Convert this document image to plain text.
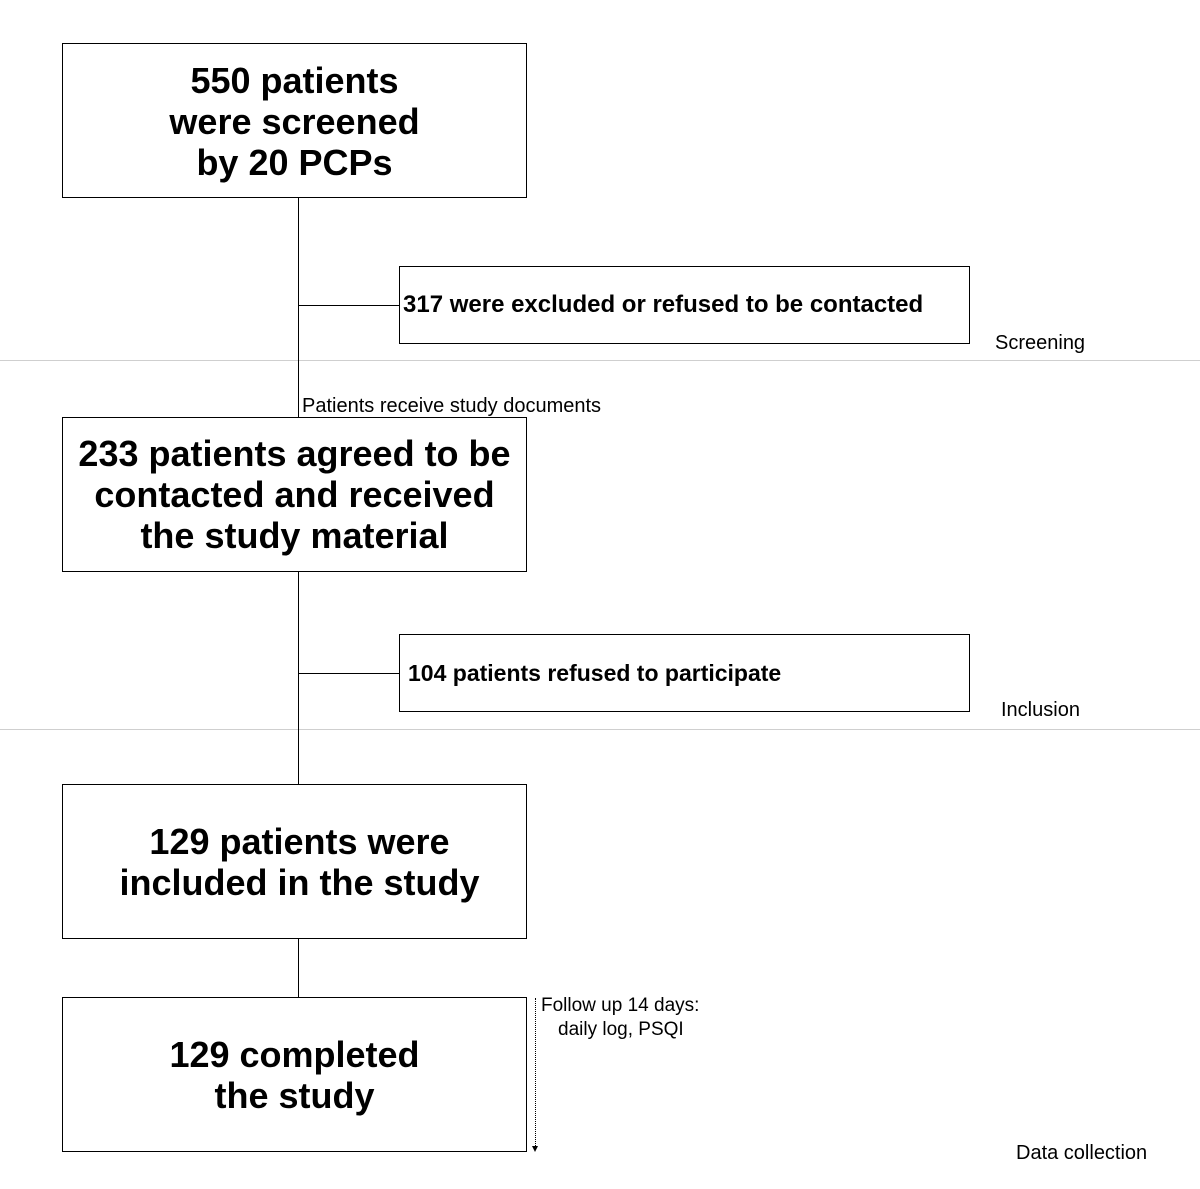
550 patients
were screened
by 20 PCPs
317 were excluded or refused to be contacted
Patients receive study documents
233 patients agreed to be
contacted and received
the study material
104 patients refused to participate
129 patients were
included in the study
129 completed
the study
Follow up 14 days:
daily log, PSQI
Screening
Inclusion
Data collection
